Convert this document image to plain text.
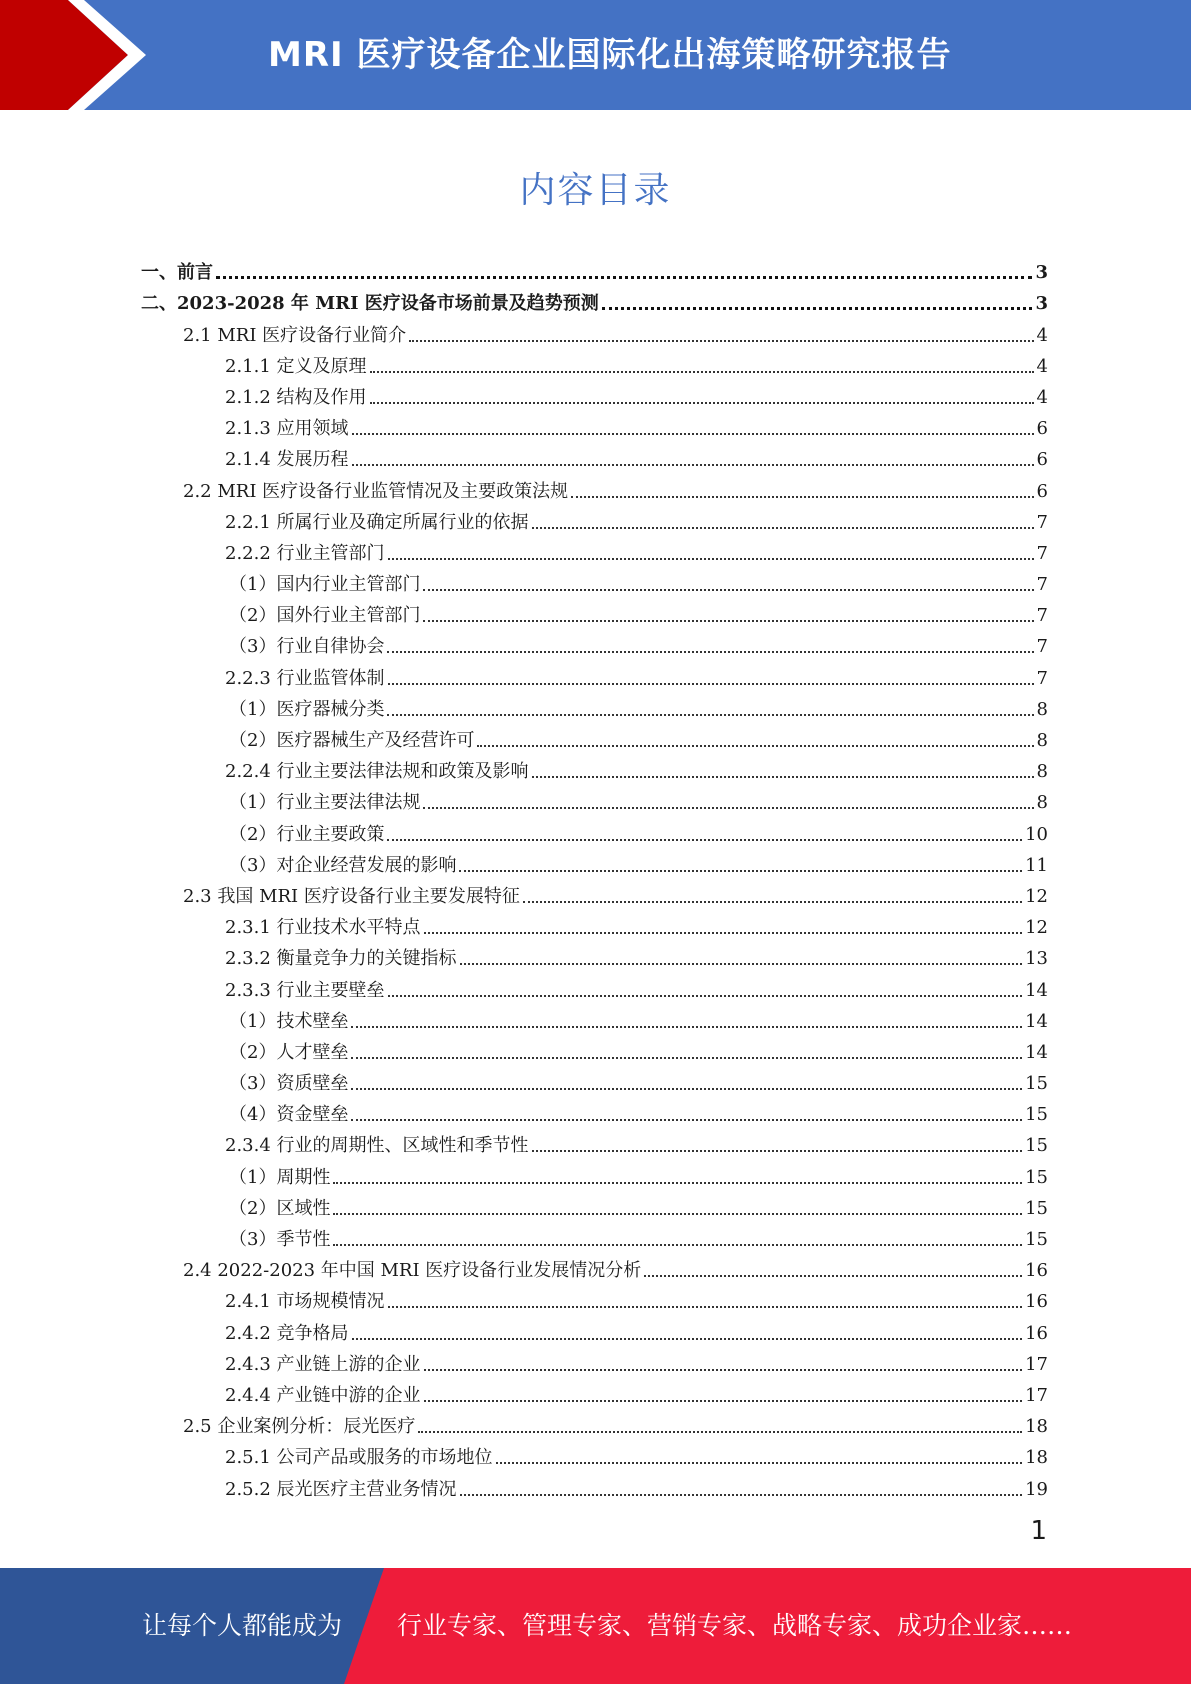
MRI 医疗设备企业国际化出海策略研究报告
内容目录
一、前言	3
二、2023-2028 年 MRI 医疗设备市场前景及趋势预测	3
2.1 MRI 医疗设备行业简介	4
2.1.1 定义及原理	4
2.1.2 结构及作用	4
2.1.3 应用领域	6
2.1.4 发展历程	6
2.2 MRI 医疗设备行业监管情况及主要政策法规	6
2.2.1 所属行业及确定所属行业的依据	7
2.2.2 行业主管部门	7
（1）国内行业主管部门	7
（2）国外行业主管部门	7
（3）行业自律协会	7
2.2.3 行业监管体制	7
（1）医疗器械分类	8
（2）医疗器械生产及经营许可	8
2.2.4 行业主要法律法规和政策及影响	8
（1）行业主要法律法规	8
（2）行业主要政策	10
（3）对企业经营发展的影响	11
2.3 我国 MRI 医疗设备行业主要发展特征	12
2.3.1 行业技术水平特点	12
2.3.2 衡量竞争力的关键指标	13
2.3.3 行业主要壁垒	14
（1）技术壁垒	14
（2）人才壁垒	14
（3）资质壁垒	15
（4）资金壁垒	15
2.3.4 行业的周期性、区域性和季节性	15
（1）周期性	15
（2）区域性	15
（3）季节性	15
2.4 2022-2023 年中国 MRI 医疗设备行业发展情况分析	16
2.4.1 市场规模情况	16
2.4.2 竞争格局	16
2.4.3 产业链上游的企业	17
2.4.4 产业链中游的企业	17
2.5 企业案例分析：辰光医疗	18
2.5.1 公司产品或服务的市场地位	18
2.5.2 辰光医疗主营业务情况	19
1
让每个人都能成为 行业专家、管理专家、营销专家、战略专家、成功企业家……
